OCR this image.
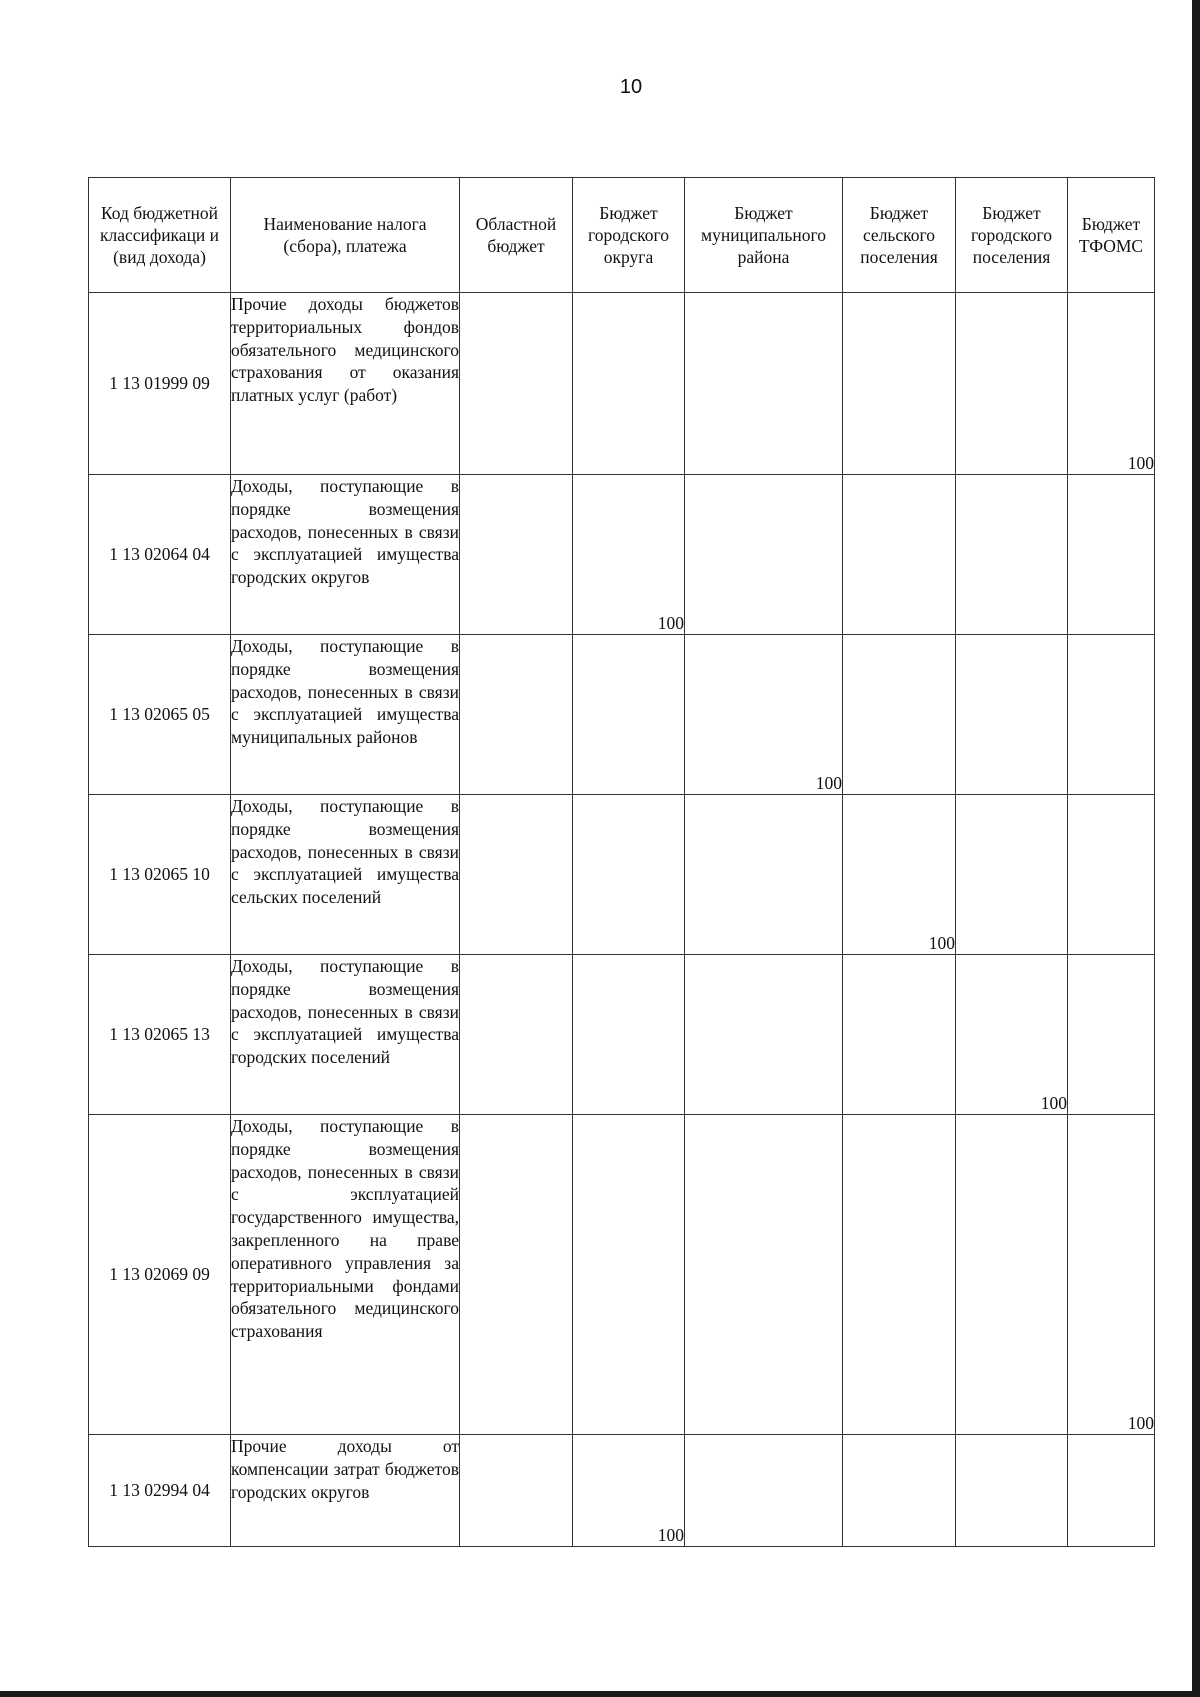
10
Код бюджетной классификаци и (вид дохода)	Наименование налога (сбора), платежа	Областной бюджет	Бюджет городского округа	Бюджет муниципального района	Бюджет сельского поселения	Бюджет городского поселения	Бюджет ТФОМС
1 13 01999 09	Прочие доходы бюджетов территориальных фондов обязательного медицинского страхования от оказания платных услуг (работ)						100
1 13 02064 04	Доходы, поступающие в порядке возмещения расходов, понесенных в связи с эксплуатацией имущества городских округов		100				
1 13 02065 05	Доходы, поступающие в порядке возмещения расходов, понесенных в связи с эксплуатацией имущества муниципальных районов			100			
1 13 02065 10	Доходы, поступающие в порядке возмещения расходов, понесенных в связи с эксплуатацией имущества сельских поселений				100		
1 13 02065 13	Доходы, поступающие в порядке возмещения расходов, понесенных в связи с эксплуатацией имущества городских поселений					100	
1 13 02069 09	Доходы, поступающие в порядке возмещения расходов, понесенных в связи с эксплуатацией государственного имущества, закрепленного на праве оперативного управления за территориальными фондами обязательного медицинского страхования						100
1 13 02994 04	Прочие доходы от компенсации затрат бюджетов городских округов		100				
